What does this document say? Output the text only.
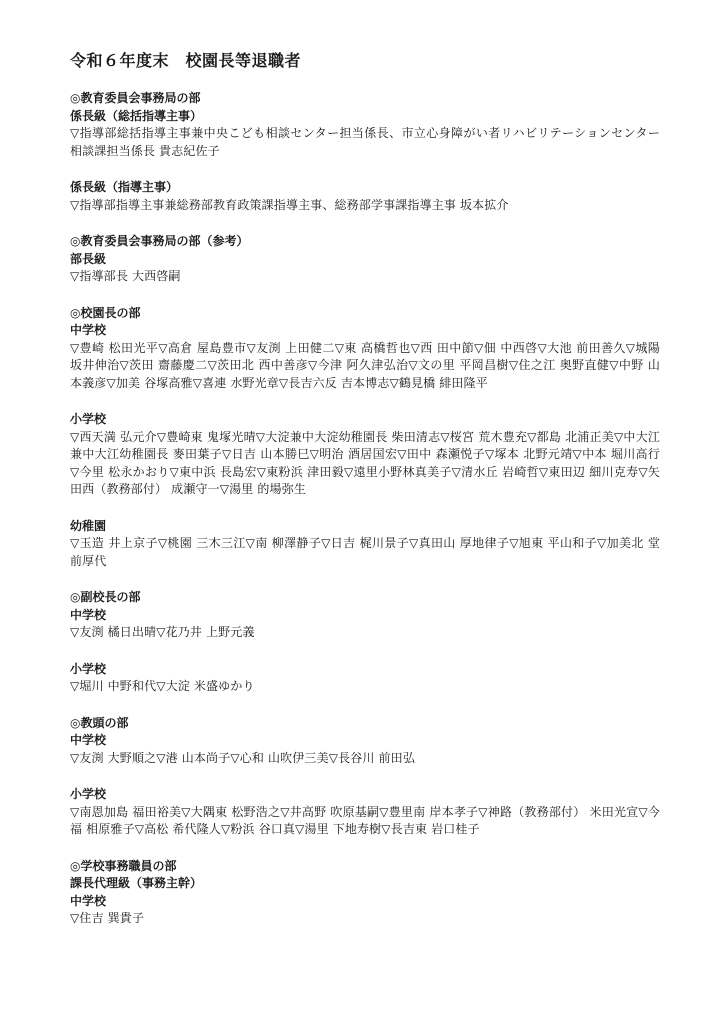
令和６年度末　校園長等退職者
◎教育委員会事務局の部
係長級（総括指導主事）
▽指導部総括指導主事兼中央こども相談センター担当係長、市立心身障がい者リハビリテーションセンター相談課担当係長 貴志紀佐子
係長級（指導主事）
▽指導部指導主事兼総務部教育政策課指導主事、総務部学事課指導主事 坂本拡介
◎教育委員会事務局の部（参考）
部長級
▽指導部長 大西啓嗣
◎校園長の部
中学校
▽豊崎 松田光平▽高倉 屋島豊市▽友渕 上田健二▽東 高橋哲也▽西 田中節▽佃 中西啓▽大池 前田善久▽城陽 坂井伸治▽茨田 齋藤慶二▽茨田北 西中善彦▽今津 阿久津弘治▽文の里 平岡昌樹▽住之江 奥野直健▽中野 山本義彦▽加美 谷塚高雅▽喜連 水野光章▽長吉六反 吉本博志▽鶴見橋 緋田隆平
小学校
▽西天満 弘元介▽豊崎東 鬼塚光晴▽大淀兼中大淀幼稚園長 柴田清志▽桜宮 荒木豊充▽都島 北浦正美▽中大江兼中大江幼稚園長 麥田葉子▽日吉 山本勝巳▽明治 酒居国宏▽田中 森瀬悦子▽塚本 北野元靖▽中本 堀川高行▽今里 松永かおり▽東中浜 長島宏▽東粉浜 津田毅▽遠里小野林真美子▽清水丘 岩崎哲▽東田辺 細川克寿▽矢田西（教務部付） 成瀬守一▽湯里 的場弥生
幼稚園
▽玉造 井上京子▽桃園 三木三江▽南 柳澤静子▽日吉 梶川景子▽真田山 厚地律子▽旭東 平山和子▽加美北 堂前厚代
◎副校長の部
中学校
▽友渕 橘日出晴▽花乃井 上野元義
小学校
▽堀川 中野和代▽大淀 米盛ゆかり
◎教頭の部
中学校
▽友渕 大野順之▽港 山本尚子▽心和 山吹伊三美▽長谷川 前田弘
小学校
▽南恩加島 福田裕美▽大隅東 松野浩之▽井高野 吹原基嗣▽豊里南 岸本孝子▽神路（教務部付） 米田光宣▽今福 相原雅子▽高松 希代隆人▽粉浜 谷口真▽湯里 下地寿樹▽長吉東 岩口桂子
◎学校事務職員の部
課長代理級（事務主幹）
中学校
▽住吉 巽貴子
